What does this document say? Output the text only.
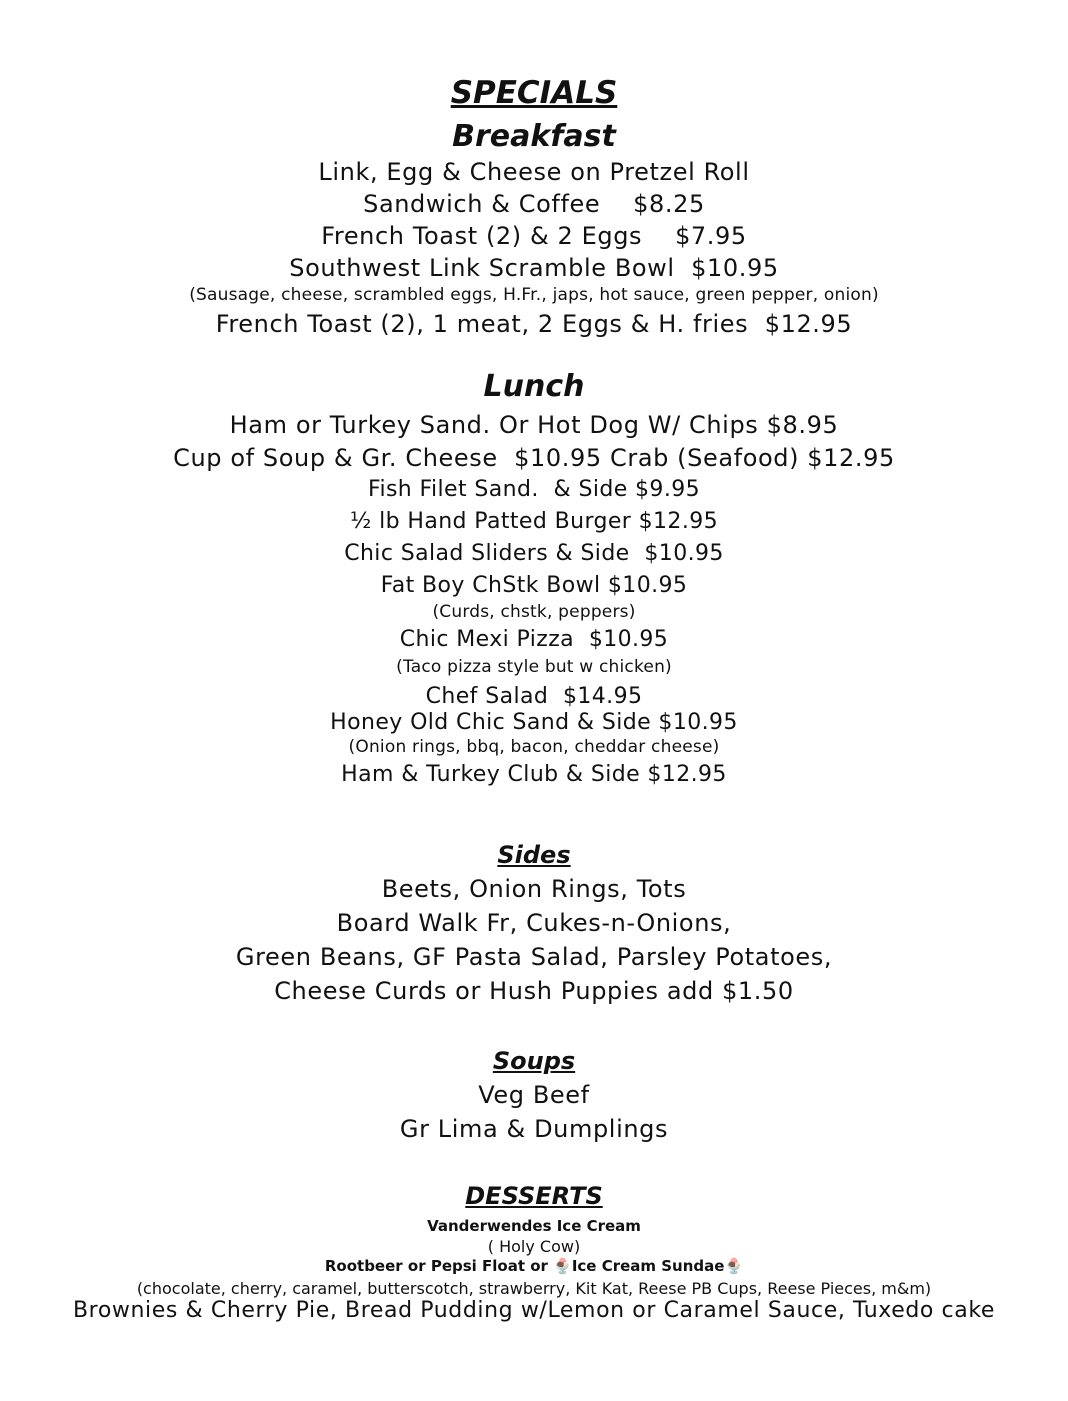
SPECIALS
Breakfast
Link, Egg & Cheese on Pretzel Roll
Sandwich & Coffee    $8.25
French Toast (2) & 2 Eggs    $7.95
Southwest Link Scramble Bowl  $10.95
(Sausage, cheese, scrambled eggs, H.Fr., japs, hot sauce, green pepper, onion)
French Toast (2), 1 meat, 2 Eggs & H. fries  $12.95
Lunch
Ham or Turkey Sand. Or Hot Dog W/ Chips $8.95
Cup of Soup & Gr. Cheese  $10.95 Crab (Seafood) $12.95
Fish Filet Sand.  & Side $9.95
½ lb Hand Patted Burger $12.95
Chic Salad Sliders & Side  $10.95
Fat Boy ChStk Bowl $10.95
(Curds, chstk, peppers)
Chic Mexi Pizza  $10.95
(Taco pizza style but w chicken)
Chef Salad  $14.95
Honey Old Chic Sand & Side $10.95
(Onion rings, bbq, bacon, cheddar cheese)
Ham & Turkey Club & Side $12.95
Sides
Beets, Onion Rings, Tots
Board Walk Fr, Cukes-n-Onions,
Green Beans, GF Pasta Salad, Parsley Potatoes,
Cheese Curds or Hush Puppies add $1.50
Soups
Veg Beef
Gr Lima & Dumplings
DESSERTS
Vanderwendes Ice Cream
( Holy Cow)
Rootbeer or Pepsi Float or 🍨Ice Cream Sundae🍨
(chocolate, cherry, caramel, butterscotch, strawberry, Kit Kat, Reese PB Cups, Reese Pieces, m&m)
Brownies & Cherry Pie, Bread Pudding w/Lemon or Caramel Sauce, Tuxedo cake
